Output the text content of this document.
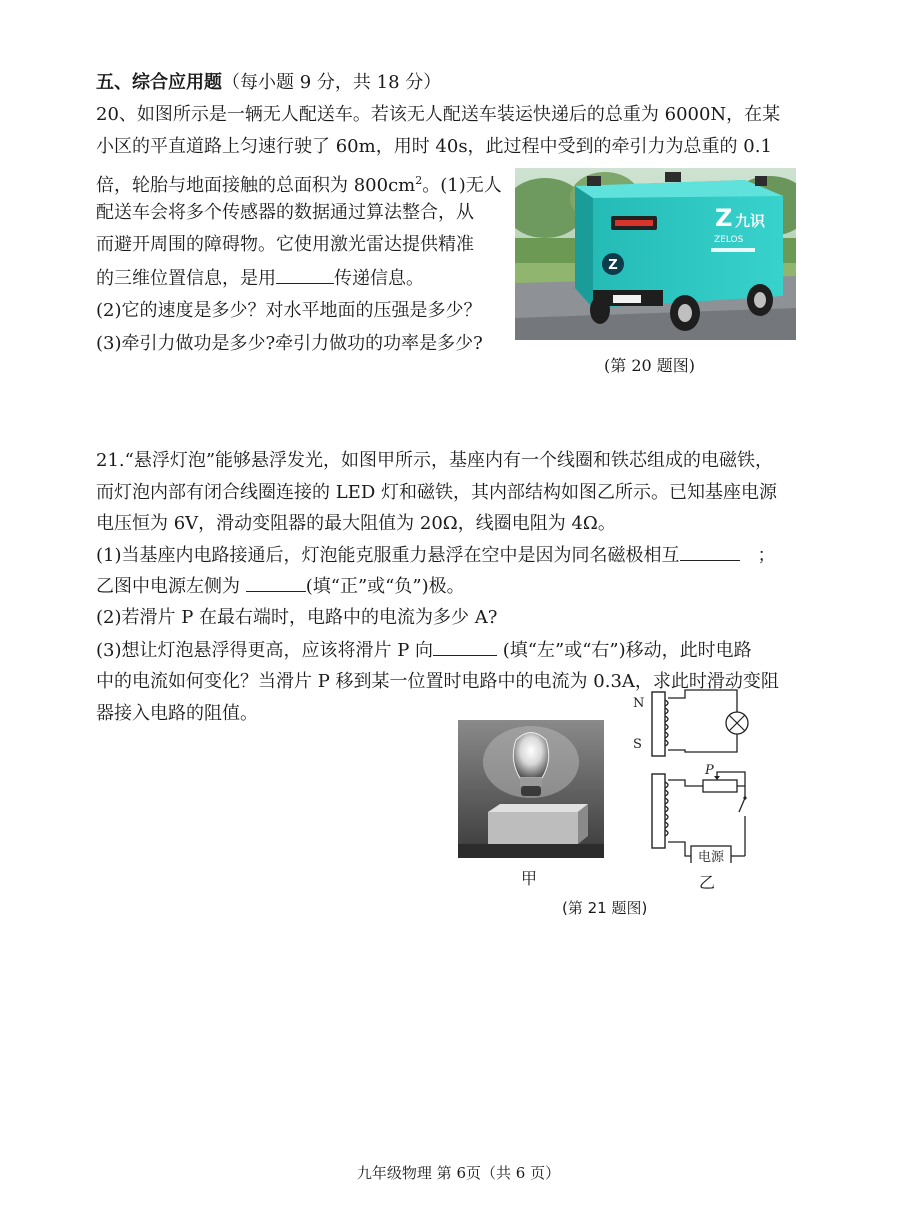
五、综合应用题（每小题 9 分，共 18 分）
20、如图所示是一辆无人配送车。若该无人配送车装运快递后的总重为 6000N，在某
小区的平直道路上匀速行驶了 60m，用时 40s，此过程中受到的牵引力为总重的 0.1
倍，轮胎与地面接触的总面积为 $800cm^2$。(1)无人
配送车会将多个传感器的数据通过算法整合，从
而避开周围的障碍物。它使用激光雷达提供精准
的三维位置信息，是用	传递信息。
(2)它的速度是多少？对水平地面的压强是多少？
(3)牵引力做功是多少?牵引力做功的功率是多少?
Z
Z 九识
ZELOS
(第 20 题图)
21.“悬浮灯泡”能够悬浮发光，如图甲所示，基座内有一个线圈和铁芯组成的电磁铁，
而灯泡内部有闭合线圈连接的 LED 灯和磁铁，其内部结构如图乙所示。已知基座电源
电压恒为 6V，滑动变阻器的最大阻值为 20Ω，线圈电阻为 4Ω。
(1)当基座内电路接通后，灯泡能克服重力悬浮在空中是因为同名磁极相互	；
乙图中电源左侧为	(填“正”或“负”)极。
(2)若滑片 P 在最右端时，电路中的电流为多少 A?
(3)想让灯泡悬浮得更高，应该将滑片 P 向	(填“左”或“右”)移动，此时电路
中的电流如何变化？当滑片 P 移到某一位置时电路中的电流为 0.3A，求此时滑动变阻
器接入电路的阻值。
甲
N
S
P
电源
乙
(第 21 题图)
九年级物理 第 6页（共 6 页）
